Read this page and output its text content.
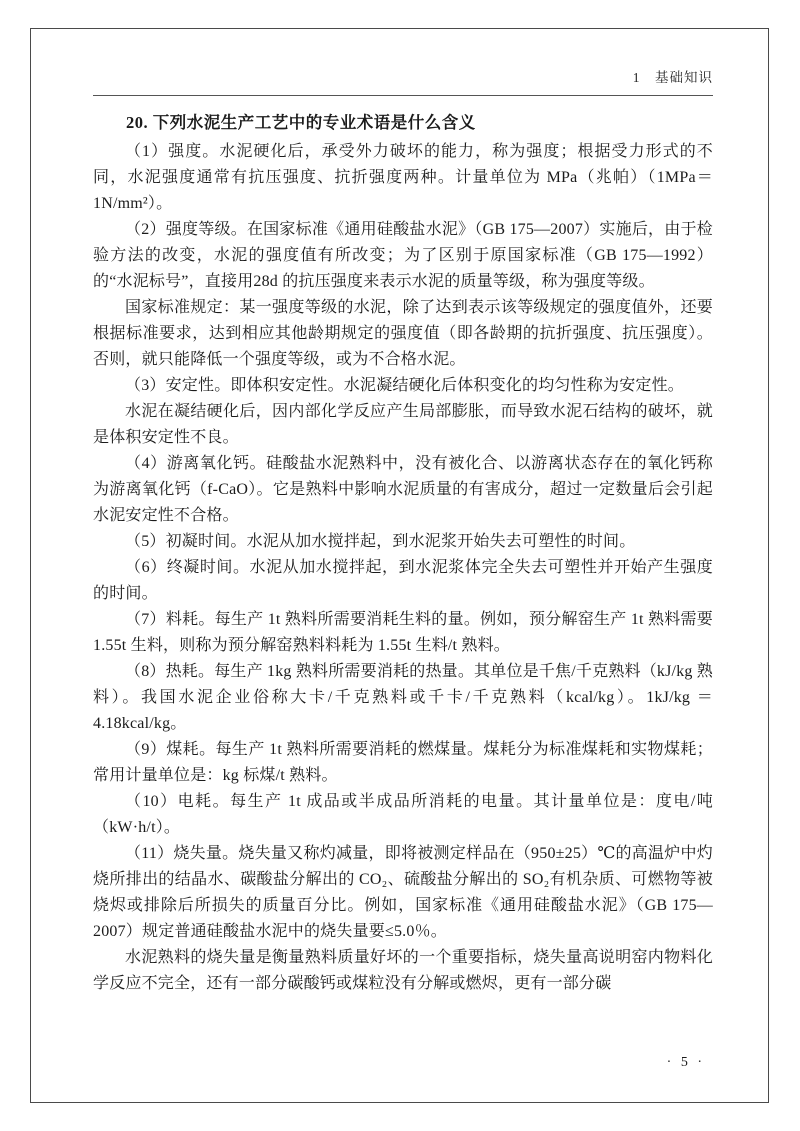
1　基础知识
20. 下列水泥生产工艺中的专业术语是什么含义

（1）强度。水泥硬化后，承受外力破坏的能力，称为强度；根据受力形式的不同，水泥强度通常有抗压强度、抗折强度两种。计量单位为 MPa（兆帕）（1MPa＝1N/mm²）。

（2）强度等级。在国家标准《通用硅酸盐水泥》（GB 175—2007）实施后，由于检验方法的改变，水泥的强度值有所改变；为了区别于原国家标准（GB 175—1992）的“水泥标号”，直接用28d 的抗压强度来表示水泥的质量等级，称为强度等级。

国家标准规定：某一强度等级的水泥，除了达到表示该等级规定的强度值外，还要根据标准要求，达到相应其他龄期规定的强度值（即各龄期的抗折强度、抗压强度）。否则，就只能降低一个强度等级，或为不合格水泥。

（3）安定性。即体积安定性。水泥凝结硬化后体积变化的均匀性称为安定性。

水泥在凝结硬化后，因内部化学反应产生局部膨胀，而导致水泥石结构的破坏，就是体积安定性不良。

（4）游离氧化钙。硅酸盐水泥熟料中，没有被化合、以游离状态存在的氧化钙称为游离氧化钙（f-CaO）。它是熟料中影响水泥质量的有害成分，超过一定数量后会引起水泥安定性不合格。

（5）初凝时间。水泥从加水搅拌起，到水泥浆开始失去可塑性的时间。

（6）终凝时间。水泥从加水搅拌起，到水泥浆体完全失去可塑性并开始产生强度的时间。

（7）料耗。每生产 1t 熟料所需要消耗生料的量。例如，预分解窑生产 1t 熟料需要 1.55t 生料，则称为预分解窑熟料料耗为 1.55t 生料/t 熟料。

（8）热耗。每生产 1kg 熟料所需要消耗的热量。其单位是千焦/千克熟料（kJ/kg 熟料）。我国水泥企业俗称大卡/千克熟料或千卡/千克熟料（kcal/kg）。1kJ/kg ＝ 4.18kcal/kg。

（9）煤耗。每生产 1t 熟料所需要消耗的燃煤量。煤耗分为标准煤耗和实物煤耗；常用计量单位是：kg 标煤/t 熟料。

（10）电耗。每生产 1t 成品或半成品所消耗的电量。其计量单位是：度电/吨（kW·h/t）。

（11）烧失量。烧失量又称灼减量，即将被测定样品在（950±25）℃的高温炉中灼烧所排出的结晶水、碳酸盐分解出的 CO₂、硫酸盐分解出的 SO₂有机杂质、可燃物等被烧烬或排除后所损失的质量百分比。例如，国家标准《通用硅酸盐水泥》（GB 175—2007）规定普通硅酸盐水泥中的烧失量要≤5.0％。

水泥熟料的烧失量是衡量熟料质量好坏的一个重要指标，烧失量高说明窑内物料化学反应不完全，还有一部分碳酸钙或煤粒没有分解或燃烬，更有一部分碳

· 5 ·
